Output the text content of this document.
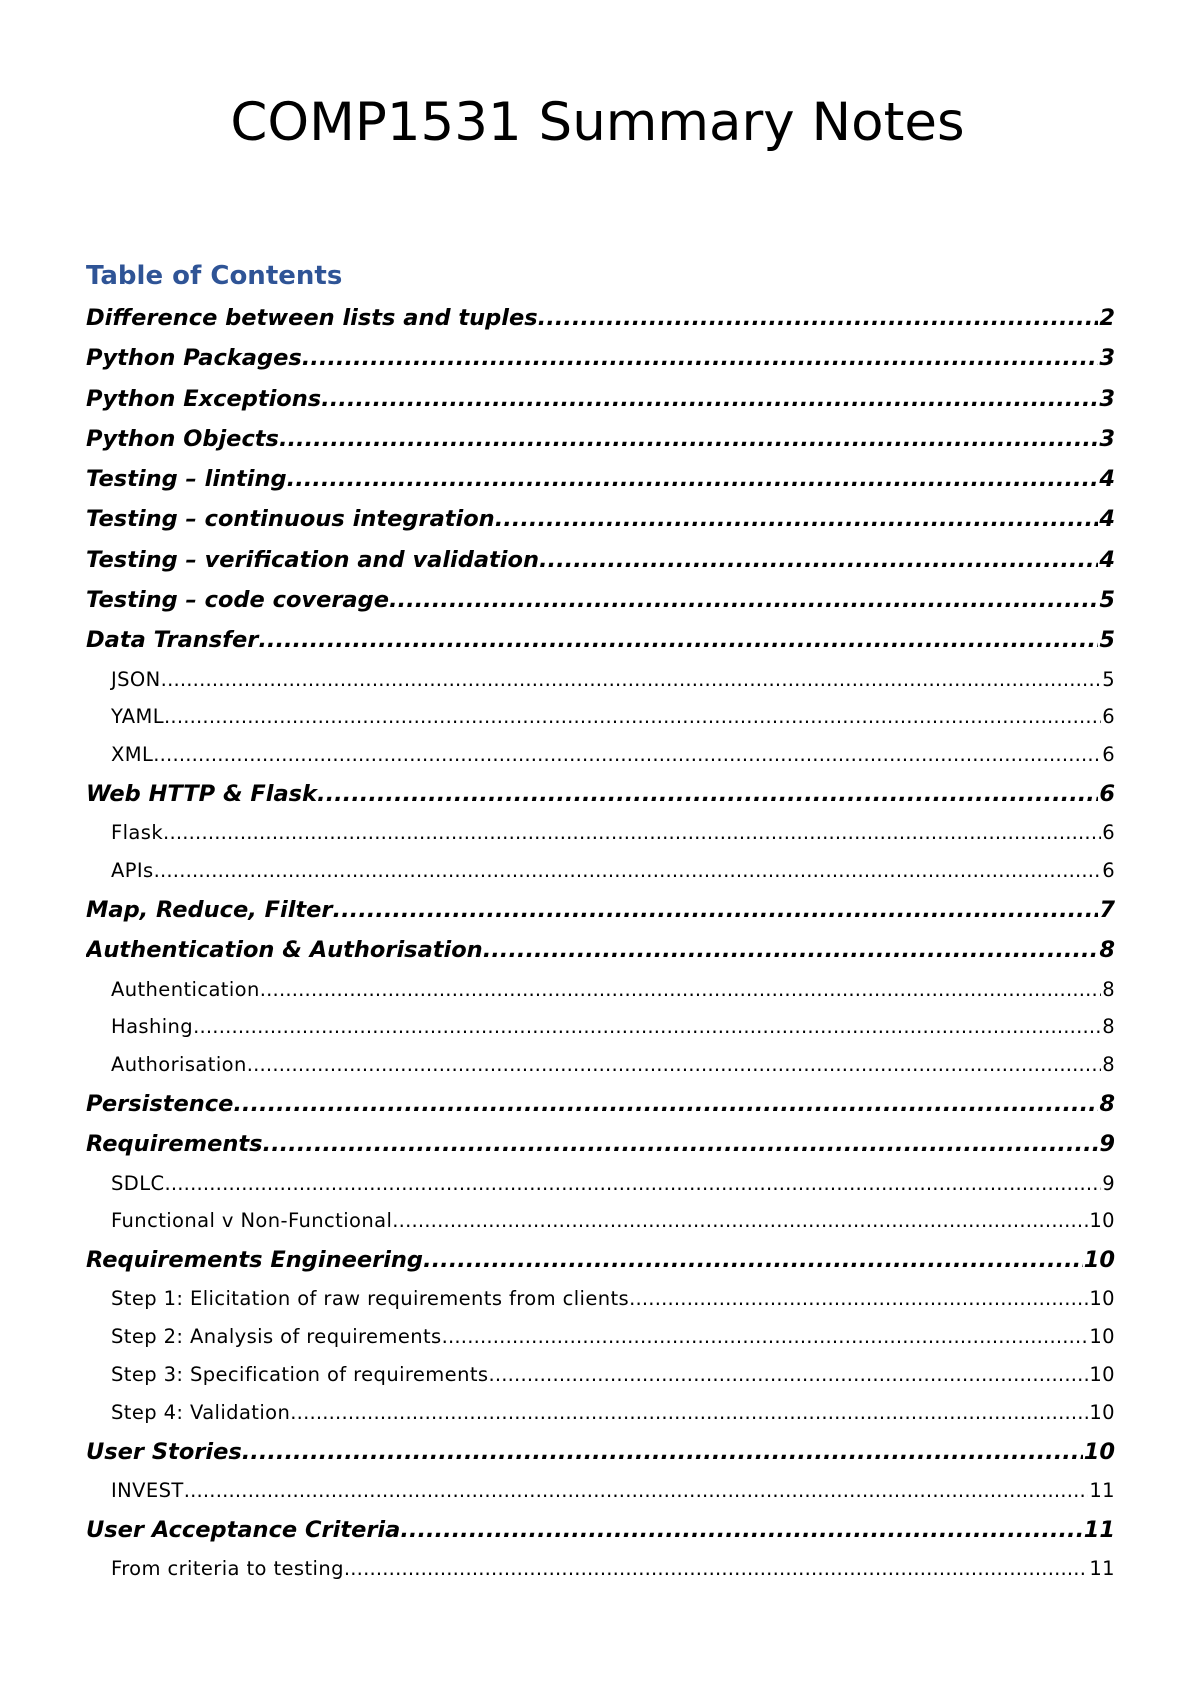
COMP1531 Summary Notes
Table of Contents
Difference between lists and tuples .....	2
Python Packages .....	3
Python Exceptions .....	3
Python Objects .....	3
Testing – linting .....	4
Testing – continuous integration .....	4
Testing – verification and validation .....	4
Testing – code coverage .....	5
Data Transfer .....	5
JSON .....	5
YAML .....	6
XML .....	6
Web HTTP & Flask .....	6
Flask .....	6
APIs .....	6
Map, Reduce, Filter .....	7
Authentication & Authorisation .....	8
Authentication .....	8
Hashing .....	8
Authorisation .....	8
Persistence .....	8
Requirements .....	9
SDLC .....	9
Functional v Non-Functional .....	10
Requirements Engineering .....	10
Step 1: Elicitation of raw requirements from clients .....	10
Step 2: Analysis of requirements .....	10
Step 3: Specification of requirements .....	10
Step 4: Validation .....	10
User Stories .....	10
INVEST .....	11
User Acceptance Criteria .....	11
From criteria to testing .....	11
